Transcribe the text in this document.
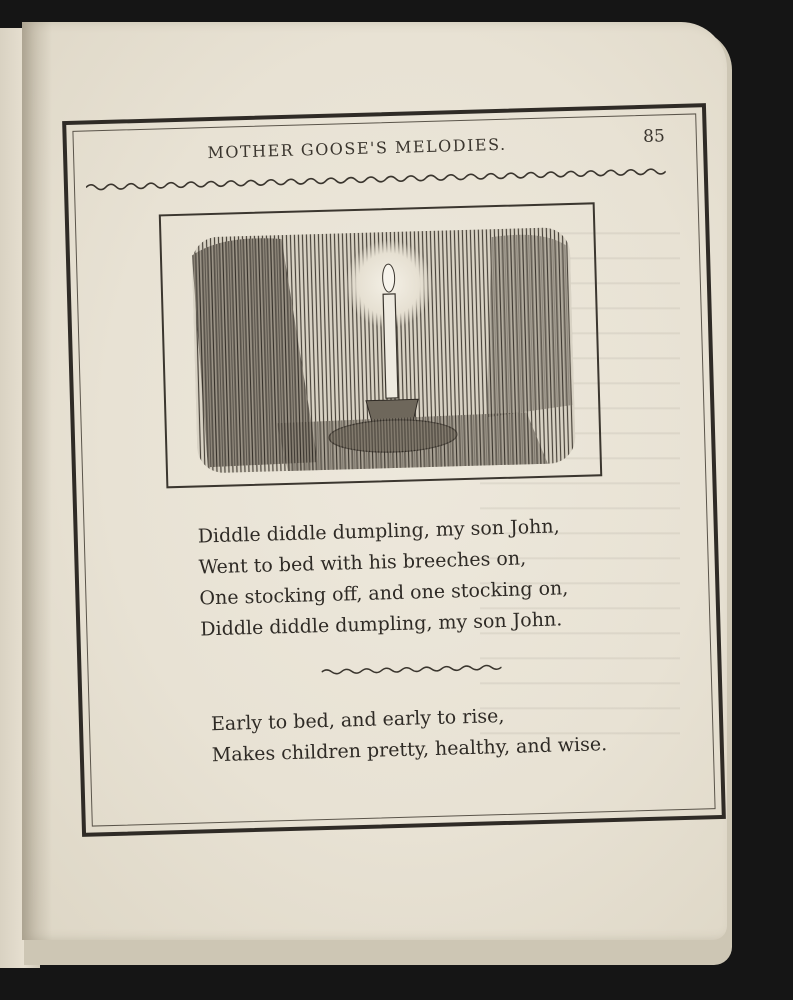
MOTHER GOOSE'S MELODIES.	85
Diddle diddle dumpling, my son John,
Went to bed with his breeches on,
One stocking off, and one stocking on,
Diddle diddle dumpling, my son John.
Early to bed, and early to rise,
Makes children pretty, healthy, and wise.
